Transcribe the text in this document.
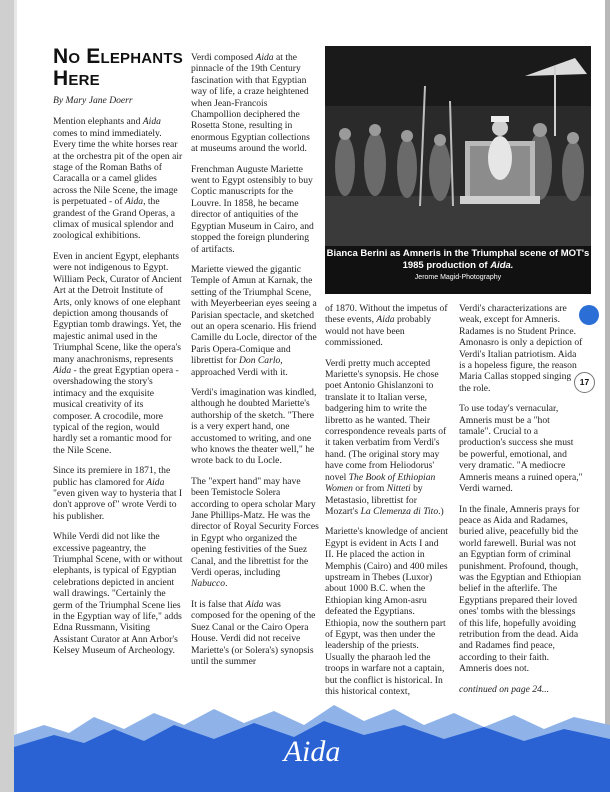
No Elephants
Here
By Mary Jane Doerr

Mention elephants and Aida comes to mind immediately. Every time the white horses rear at the orchestra pit of the open air stage of the Roman Baths of Caracalla or a camel glides across the Nile Scene, the image is perpetuated - of Aida, the grandest of the Grand Operas, a climax of musical splendor and zoological exhibitions.

Even in ancient Egypt, elephants were not indigenous to Egypt. William Peck, Curator of Ancient Art at the Detroit Institute of Arts, only knows of one elephant depiction among thousands of Egyptian tomb drawings. Yet, the majestic animal used in the Triumphal Scene, like the opera's many anachronisms, represents Aida - the great Egyptian opera - overshadowing the story's intimacy and the exquisite musical creativity of its composer. A crocodile, more typical of the region, would hardly set a romantic mood for the Nile Scene.

Since its premiere in 1871, the public has clamored for Aida "even given way to hysteria that I don't approve of" wrote Verdi to his publisher.

While Verdi did not like the excessive pageantry, the Triumphal Scene, with or without elephants, is typical of Egyptian celebrations depicted in ancient wall drawings. "Certainly the germ of the Triumphal Scene lies in the Egyptian way of life," adds Edna Russmann, Visiting Assistant Curator at Ann Arbor's Kelsey Museum of Archeology.

Verdi composed Aida at the pinnacle of the 19th Century fascination with that Egyptian way of life, a craze heightened when Jean-Francois Champollion deciphered the Rosetta Stone, resulting in enormous Egyptian collections at museums around the world.

Frenchman Auguste Mariette went to Egypt ostensibly to buy Coptic manuscripts for the Louvre. In 1858, he became director of antiquities of the Egyptian Museum in Cairo, and stopped the foreign plundering of artifacts.

Mariette viewed the gigantic Temple of Amun at Karnak, the setting of the Triumphal Scene, with Meyerbeerian eyes seeing a Parisian spectacle, and sketched out an opera scenario. His friend Camille du Locle, director of the Paris Opera-Comique and librettist for Don Carlo, approached Verdi with it.

Verdi's imagination was kindled, although he doubted Mariette's authorship of the sketch. "There is a very expert hand, one accustomed to writing, and one who knows the theater well," he wrote back to du Locle.

The "expert hand" may have been Temistocle Solera according to opera scholar Mary Jane Phillips-Matz. He was the director of Royal Security Forces in Egypt who organized the opening festivities of the Suez Canal, and the librettist for the Verdi operas, including Nabucco.

It is false that Aida was composed for the opening of the Suez Canal or the Cairo Opera House. Verdi did not receive Mariette's (or Solera's) synopsis until the summer

Bianca Berini as Amneris in the Triumphal scene of MOT's 1985 production of Aida.
Jerome Magid-Photography
17

of 1870. Without the impetus of these events, Aida probably would not have been commissioned.

Verdi pretty much accepted Mariette's synopsis. He chose poet Antonio Ghislanzoni to translate it to Italian verse, badgering him to write the libretto as he wanted. Their correspondence reveals parts of it taken verbatim from Verdi's hand. (The original story may have come from Heliodorus' novel The Book of Ethiopian Women or from Nitteti by Metastasio, librettist for Mozart's La Clemenza di Tito.)

Mariette's knowledge of ancient Egypt is evident in Acts I and II. He placed the action in Memphis (Cairo) and 400 miles upstream in Thebes (Luxor) about 1000 B.C. when the Ethiopian king Amon-asru defeated the Egyptians. Ethiopia, now the southern part of Egypt, was then under the leadership of the priests. Usually the pharaoh led the troops in warfare not a captain, but the conflict is historical. In this historical context,

Verdi's characterizations are weak, except for Amneris. Radames is no Student Prince. Amonasro is only a depiction of Verdi's Italian patriotism. Aida is a hopeless figure, the reason Maria Callas stopped singing the role.

To use today's vernacular, Amneris must be a "hot tamale". Crucial to a production's success she must be powerful, emotional, and very dramatic. "A mediocre Amneris means a ruined opera," Verdi warned.

In the finale, Amneris prays for peace as Aida and Radames, buried alive, peacefully bid the world farewell. Burial was not an Egyptian form of criminal punishment. Profound, though, was the Egyptian and Ethiopian belief in the afterlife. The Egyptians prepared their loved ones' tombs with the blessings of this life, hopefully avoiding retribution from the dead. Aida and Radames find peace, according to their faith. Amneris does not.

continued on page 24...

Aida
